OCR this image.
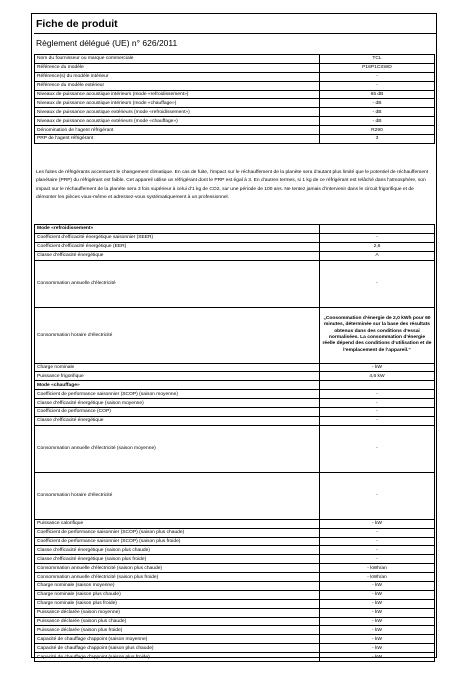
Fiche de produit
Règlement délégué (UE) n° 626/2011
Nom du fournisseur ou marque commerciale	TCL
Référence du modèle	P16P1CSWD
Référence(s) du modèle intérieur	-
Référence du modèle extérieur	-
Niveaux de puissance acoustique intérieurs (mode «refroidissement»)	65 dB
Niveaux de puissance acoustique intérieurs (mode «chauffage»)	- dB
Niveaux de puissance acoustique extérieurs (mode «refroidissement»)	- dB
Niveaux de puissance acoustique extérieurs (mode «chauffage»)	- dB
Dénomination de l’agent réfrigérant	R290
PRP de l’agent réfrigérant	3
Les fuites de réfrigérants accentuent le changement climatique. En cas de fuite, l’impact sur le réchauffement de la planète sera d’autant plus limité que le potentiel de réchauffement planétaire (PRP) du réfrigérant est faible. Cet appareil utilise un réfrigérant dont le PRP est égal à 3. En d’autres termes, si 1 kg de ce réfrigérant est relâché dans l’atmosphère, son impact sur le réchauffement de la planète sera 3 fois supérieur à celui d’1 kg de CO2, sur une période de 100 ans. Ne tentez jamais d’intervenir dans le circuit frigorifique et de démonter les pièces vous-même et adressez-vous systématiquement à un professionnel.
Mode «refroidissement»	
Coefficient d’efficacité énergétique saisonnier (SEER)	-
Coefficient d’efficacité énergétique (EER)	2,6
Classe d’efficacité énergétique	A
Consommation annuelle d’électricité	-
Consommation horaire d’électricité	„Consommation d’énergie de 2,0 kWh pour 60 minutes, déterminée sur la base des résultats obtenus dans des conditions d’essai normalisées. La consommation d’énergie réelle dépend des conditions d’utilisation et de l’emplacement de l’appareil.“
Charge nominale	- kW
Puissance frigorifique	4,6 kW
Mode «chauffage»	
Coefficient de performance saisonnier (SCOP) (saison moyenne)	-
Classe d’efficacité énergétique (saison moyenne)	-
Coefficient de performance (COP)	-
Classe d’efficacité énergétique	-
Consommation annuelle d’électricité (saison moyenne)	-
Consommation horaire d’électricité	-
Puissance calorifique	- kW
Coefficient de performance saisonnier (SCOP) (saison plus chaude)	-
Coefficient de performance saisonnier (SCOP) (saison plus froide)	-
Classe d’efficacité énergétique (saison plus chaude)	-
Classe d’efficacité énergétique (saison plus froide)	-
Consommation annuelle d’électricité (saison plus chaude)	- kWh/an
Consommation annuelle d’électricité (saison plus froide)	- kWh/an
Charge nominale (saison moyenne)	- kW
Charge nominale (saison plus chaude)	- kW
Charge nominale (saison plus froide)	- kW
Puissance déclarée (saison moyenne)	- kW
Puissance déclarée (saison plus chaude)	- kW
Puissance déclarée (saison plus froide)	- kW
Capacité de chauffage d’appoint (saison moyenne)	- kW
Capacité de chauffage d’appoint (saison plus chaude)	- kW
Capacité de chauffage d’appoint (saison plus froide)	- kW
